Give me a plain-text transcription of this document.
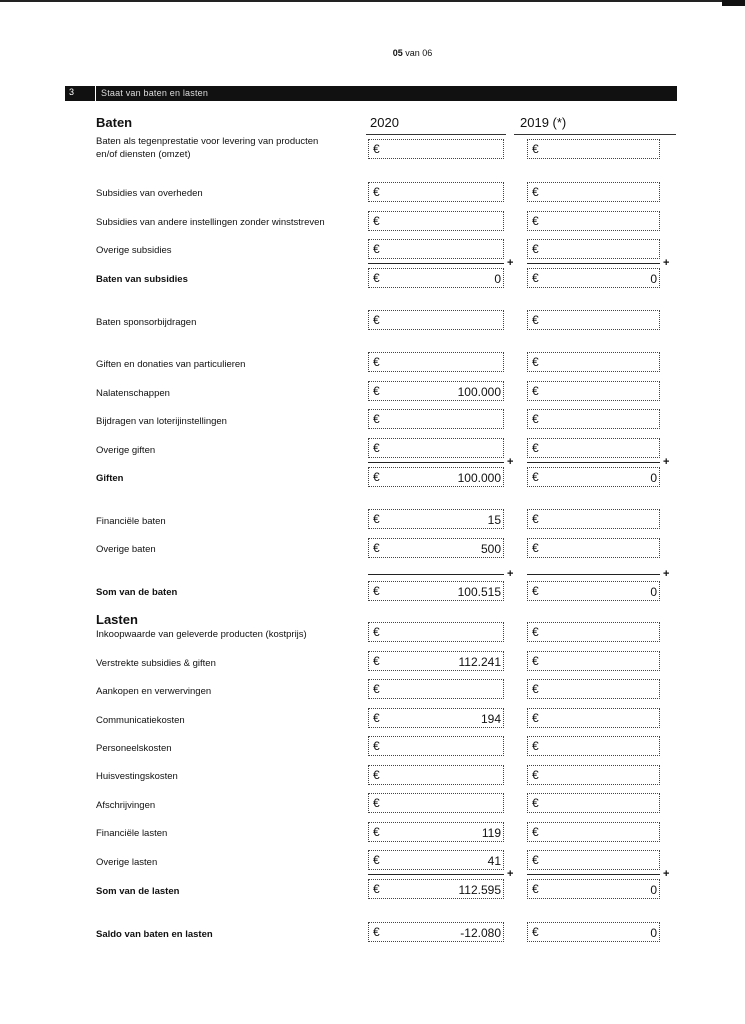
05 van 06
3	Staat van baten en lasten
Baten	2020	2019 (*)
Baten als tegenprestatie voor levering van producten en/of diensten (omzet)	€	€
Subsidies van overheden	€	€
Subsidies van andere instellingen zonder winststreven	€	€
Overige subsidies	€	€
+	+
Baten van subsidies	€	0	€	0
Baten sponsorbijdragen	€	€
Giften en donaties van particulieren	€	€
Nalatenschappen	€	100.000	€
Bijdragen van loterijinstellingen	€	€
Overige giften	€	€
+	+
Giften	€	100.000	€	0
Financiële baten	€	15	€
Overige baten	€	500	€
+	+
Som van de baten	€	100.515	€	0
Inkoopwaarde van geleverde producten (kostprijs)	€	€
Verstrekte subsidies & giften	€	112.241	€
Aankopen en verwervingen	€	€
Communicatiekosten	€	194	€
Personeelskosten	€	€
Huisvestingskosten	€	€
Afschrijvingen	€	€
Financiële lasten	€	119	€
Overige lasten	€	41	€
+	+
Som van de lasten	€	112.595	€	0
Saldo van baten en lasten	€	-12.080	€	0
Lasten
